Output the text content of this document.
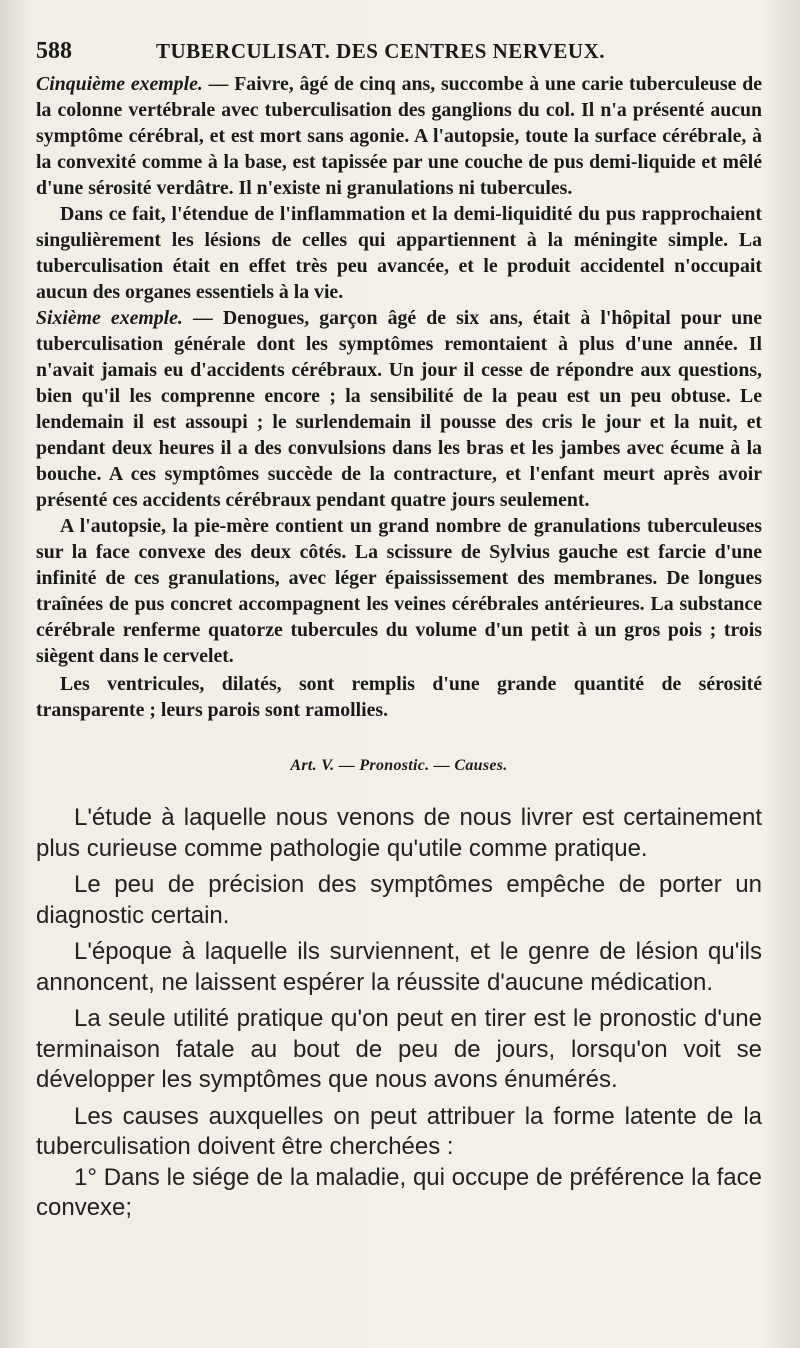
588	TUBERCULISAT. DES CENTRES NERVEUX.

Cinquième exemple. — Faivre, âgé de cinq ans, succombe à une carie tuberculeuse de la colonne vertébrale avec tuberculisation des ganglions du col. Il n'a présenté aucun symptôme cérébral, et est mort sans agonie. A l'autopsie, toute la surface cérébrale, à la convexité comme à la base, est tapissée par une couche de pus demi-liquide et mêlé d'une sérosité verdâtre. Il n'existe ni granulations ni tubercules.

Dans ce fait, l'étendue de l'inflammation et la demi-liquidité du pus rapprochaient singulièrement les lésions de celles qui appartiennent à la méningite simple. La tuberculisation était en effet très peu avancée, et le produit accidentel n'occupait aucun des organes essentiels à la vie.

Sixième exemple. — Denogues, garçon âgé de six ans, était à l'hôpital pour une tuberculisation générale dont les symptômes remontaient à plus d'une année. Il n'avait jamais eu d'accidents cérébraux. Un jour il cesse de répondre aux questions, bien qu'il les comprenne encore ; la sensibilité de la peau est un peu obtuse. Le lendemain il est assoupi ; le surlendemain il pousse des cris le jour et la nuit, et pendant deux heures il a des convulsions dans les bras et les jambes avec écume à la bouche. A ces symptômes succède de la contracture, et l'enfant meurt après avoir présenté ces accidents cérébraux pendant quatre jours seulement.

A l'autopsie, la pie-mère contient un grand nombre de granulations tuberculeuses sur la face convexe des deux côtés. La scissure de Sylvius gauche est farcie d'une infinité de ces granulations, avec léger épaississement des membranes. De longues traînées de pus concret accompagnent les veines cérébrales antérieures. La substance cérébrale renferme quatorze tubercules du volume d'un petit à un gros pois ; trois siègent dans le cervelet.

Les ventricules, dilatés, sont remplis d'une grande quantité de sérosité transparente ; leurs parois sont ramollies.

Art. V. — Pronostic. — Causes.

L'étude à laquelle nous venons de nous livrer est certainement plus curieuse comme pathologie qu'utile comme pratique.

Le peu de précision des symptômes empêche de porter un diagnostic certain.

L'époque à laquelle ils surviennent, et le genre de lésion qu'ils annoncent, ne laissent espérer la réussite d'aucune médication.

La seule utilité pratique qu'on peut en tirer est le pronostic d'une terminaison fatale au bout de peu de jours, lorsqu'on voit se développer les symptômes que nous avons énumérés.

Les causes auxquelles on peut attribuer la forme latente de la tuberculisation doivent être cherchées :

1° Dans le siége de la maladie, qui occupe de préférence la face convexe;
